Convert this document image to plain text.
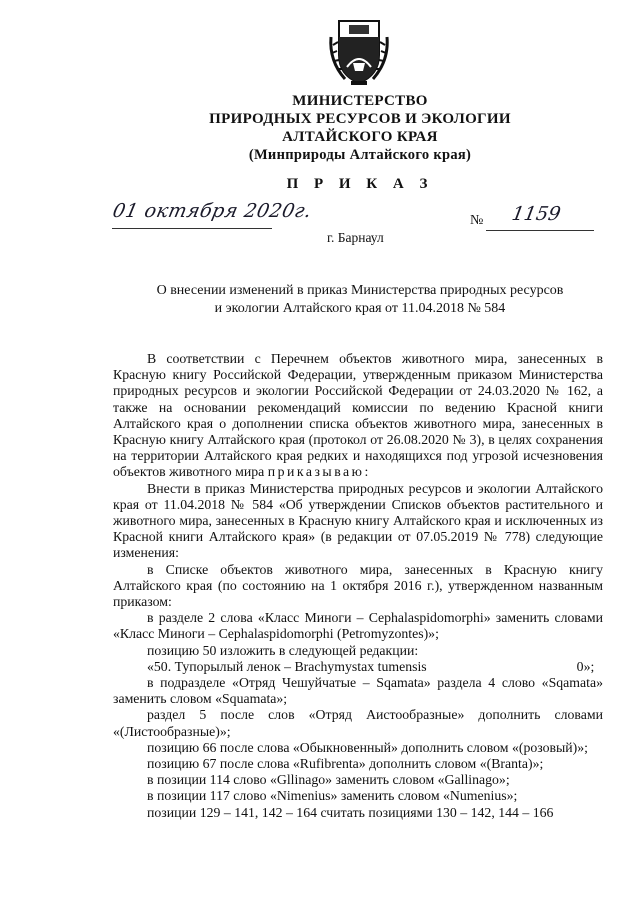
МИНИСТЕРСТВО
ПРИРОДНЫХ РЕСУРСОВ И ЭКОЛОГИИ
АЛТАЙСКОГО КРАЯ
(Минприроды Алтайского края)
П Р И К А З
01 октября 2020г.	№ 1159
г. Барнаул
О внесении изменений в приказ Министерства природных ресурсов
и экологии Алтайского края от 11.04.2018 № 584

В соответствии с Перечнем объектов животного мира, занесенных в Красную книгу Российской Федерации, утвержденным приказом Министерства природных ресурсов и экологии Российской Федерации от 24.03.2020 № 162, а также на основании рекомендаций комиссии по ведению Красной книги Алтайского края о дополнении списка объектов животного мира, занесенных в Красную книгу Алтайского края (протокол от 26.08.2020 № 3), в целях сохранения на территории Алтайского края редких и находящихся под угрозой исчезновения объектов животного мира приказываю:

Внести в приказ Министерства природных ресурсов и экологии Алтайского края от 11.04.2018 № 584 «Об утверждении Списков объектов растительного и животного мира, занесенных в Красную книгу Алтайского края и исключенных из Красной книги Алтайского края» (в редакции от 07.05.2019 № 778) следующие изменения:

в Списке объектов животного мира, занесенных в Красную книгу Алтайского края (по состоянию на 1 октября 2016 г.), утвержденном названным приказом:

в разделе 2 слова «Класс Миноги – Cephalaspidomorphi» заменить словами «Класс Миноги – Cephalaspidomorphi (Petromyzontes)»;

позицию 50 изложить в следующей редакции:

«50. Тупорылый ленок – Brachymystax tumensis	0»;

в подразделе «Отряд Чешуйчатые – Sqamata» раздела 4 слово «Sqamata» заменить словом «Squamata»;

раздел 5 после слов «Отряд Аистообразные» дополнить словами «(Листообразные)»;

позицию 66 после слова «Обыкновенный» дополнить словом «(розовый)»;

позицию 67 после слова «Rufibrenta» дополнить словом «(Branta)»;

в позиции 114 слово «Gllinago» заменить словом «Gallinago»;

в позиции 117 слово «Nimenius» заменить словом «Numenius»;

позиции 129 – 141, 142 – 164 считать позициями 130 – 142, 144 – 166
